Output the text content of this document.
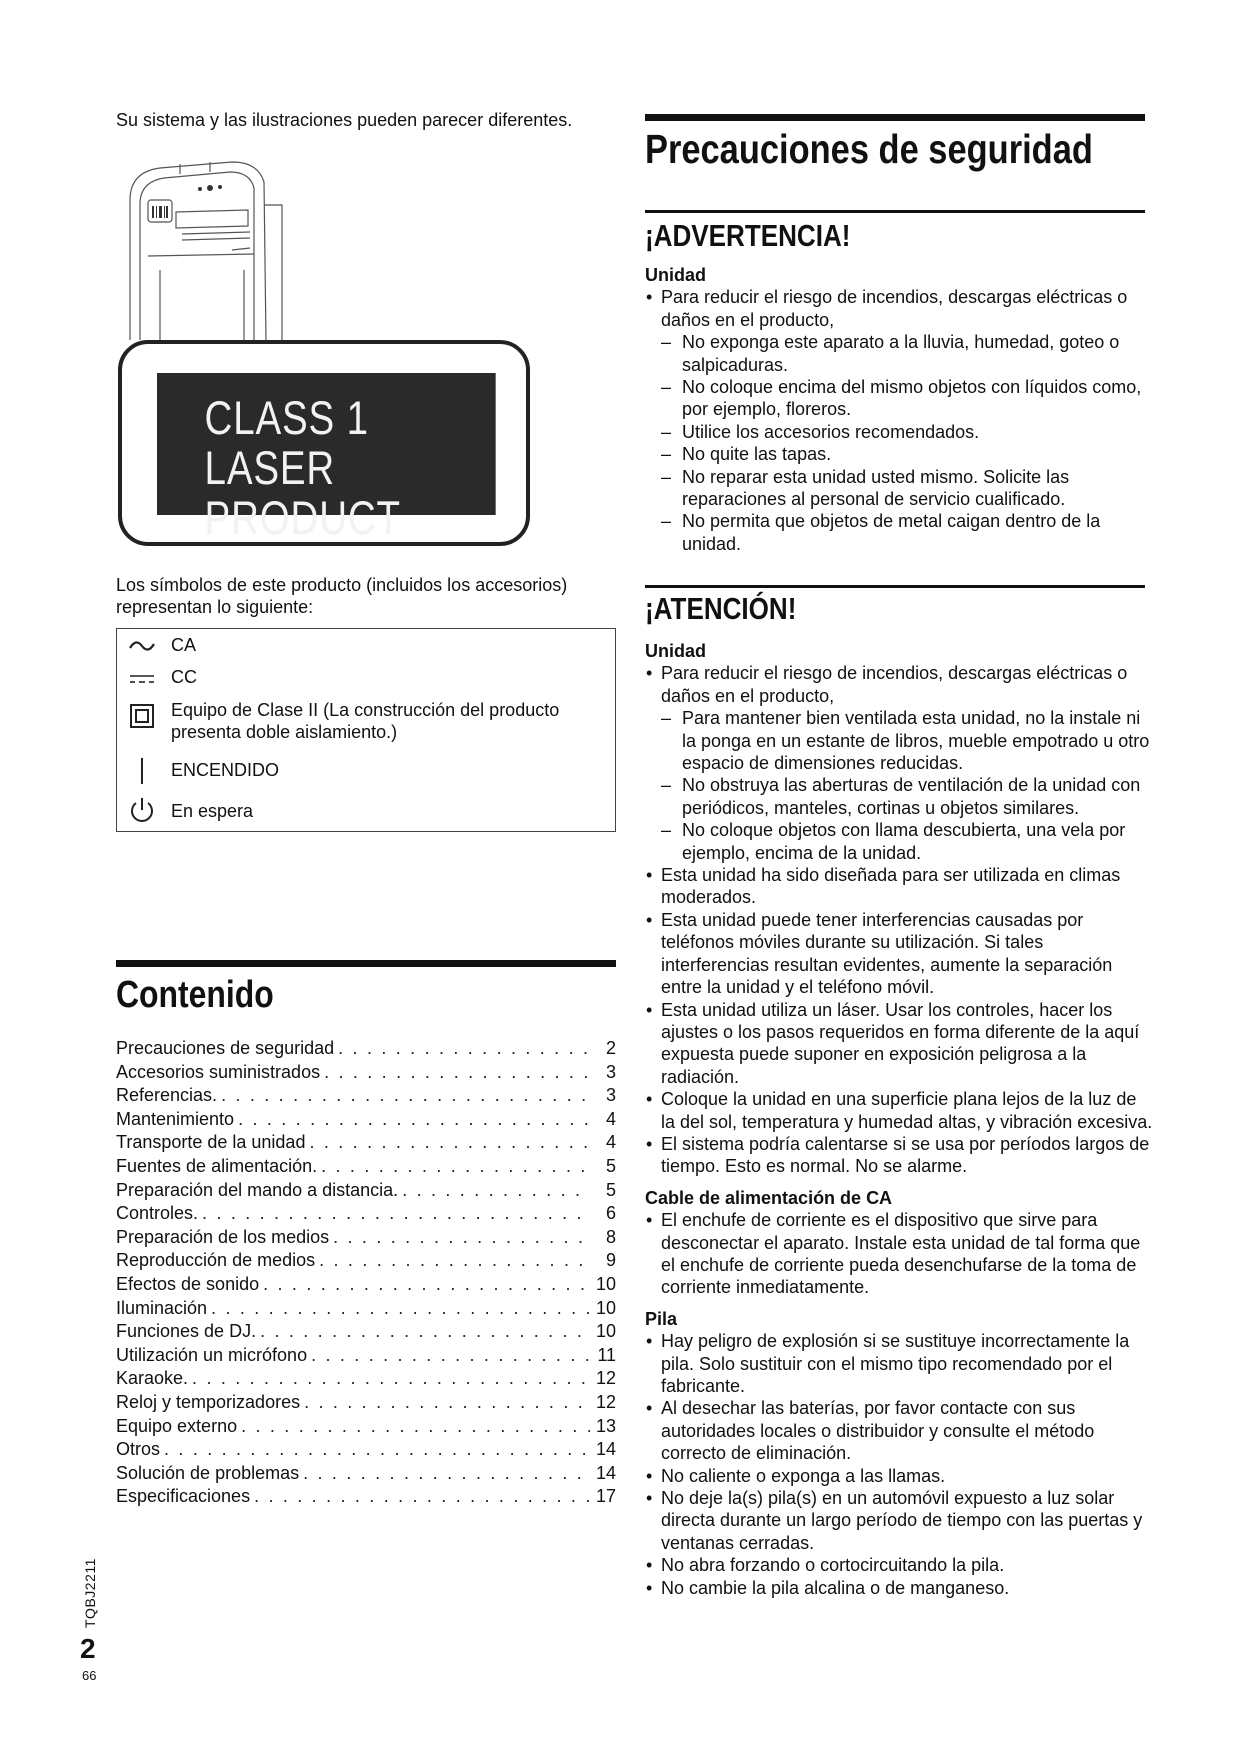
Su sistema y las ilustraciones pueden parecer diferentes.
CLASS 1
LASER PRODUCT
Los símbolos de este producto (incluidos los accesorios) representan lo siguiente:
CA
CC
Equipo de Clase II (La construcción del producto presenta doble aislamiento.)
ENCENDIDO
En espera
Contenido
Precauciones de seguridad . . .	2
Accesorios suministrados . . .	3
Referencias. . . .	3
Mantenimiento . . .	4
Transporte de la unidad . . .	4
Fuentes de alimentación. . . .	5
Preparación del mando a distancia. . . .	5
Controles. . . .	6
Preparación de los medios . . .	8
Reproducción de medios . . .	9
Efectos de sonido . . .	10
Iluminación . . .	10
Funciones de DJ. . . .	10
Utilización un micrófono . . .	11
Karaoke. . . .	12
Reloj y temporizadores . . .	12
Equipo externo . . .	13
Otros . . .	14
Solución de problemas . . .	14
Especificaciones . . .	17
TQBJ2211
2
66
Precauciones de seguridad
¡ADVERTENCIA!
Unidad
• Para reducir el riesgo de incendios, descargas eléctricas o daños en el producto,
– No exponga este aparato a la lluvia, humedad, goteo o salpicaduras.
– No coloque encima del mismo objetos con líquidos como, por ejemplo, floreros.
– Utilice los accesorios recomendados.
– No quite las tapas.
– No reparar esta unidad usted mismo. Solicite las reparaciones al personal de servicio cualificado.
– No permita que objetos de metal caigan dentro de la unidad.
¡ATENCIÓN!
Unidad
• Para reducir el riesgo de incendios, descargas eléctricas o daños en el producto,
– Para mantener bien ventilada esta unidad, no la instale ni la ponga en un estante de libros, mueble empotrado u otro espacio de dimensiones reducidas.
– No obstruya las aberturas de ventilación de la unidad con periódicos, manteles, cortinas u objetos similares.
– No coloque objetos con llama descubierta, una vela por ejemplo, encima de la unidad.
• Esta unidad ha sido diseñada para ser utilizada en climas moderados.
• Esta unidad puede tener interferencias causadas por teléfonos móviles durante su utilización. Si tales interferencias resultan evidentes, aumente la separación entre la unidad y el teléfono móvil.
• Esta unidad utiliza un láser. Usar los controles, hacer los ajustes o los pasos requeridos en forma diferente de la aquí expuesta puede suponer en exposición peligrosa a la radiación.
• Coloque la unidad en una superficie plana lejos de la luz de la del sol, temperatura y humedad altas, y vibración excesiva.
• El sistema podría calentarse si se usa por períodos largos de tiempo. Esto es normal. No se alarme.
Cable de alimentación de CA
• El enchufe de corriente es el dispositivo que sirve para desconectar el aparato. Instale esta unidad de tal forma que el enchufe de corriente pueda desenchufarse de la toma de corriente inmediatamente.
Pila
• Hay peligro de explosión si se sustituye incorrectamente la pila. Solo sustituir con el mismo tipo recomendado por el fabricante.
• Al desechar las baterías, por favor contacte con sus autoridades locales o distribuidor y consulte el método correcto de eliminación.
• No caliente o exponga a las llamas.
• No deje la(s) pila(s) en un automóvil expuesto a luz solar directa durante un largo período de tiempo con las puertas y ventanas cerradas.
• No abra forzando o cortocircuitando la pila.
• No cambie la pila alcalina o de manganeso.
